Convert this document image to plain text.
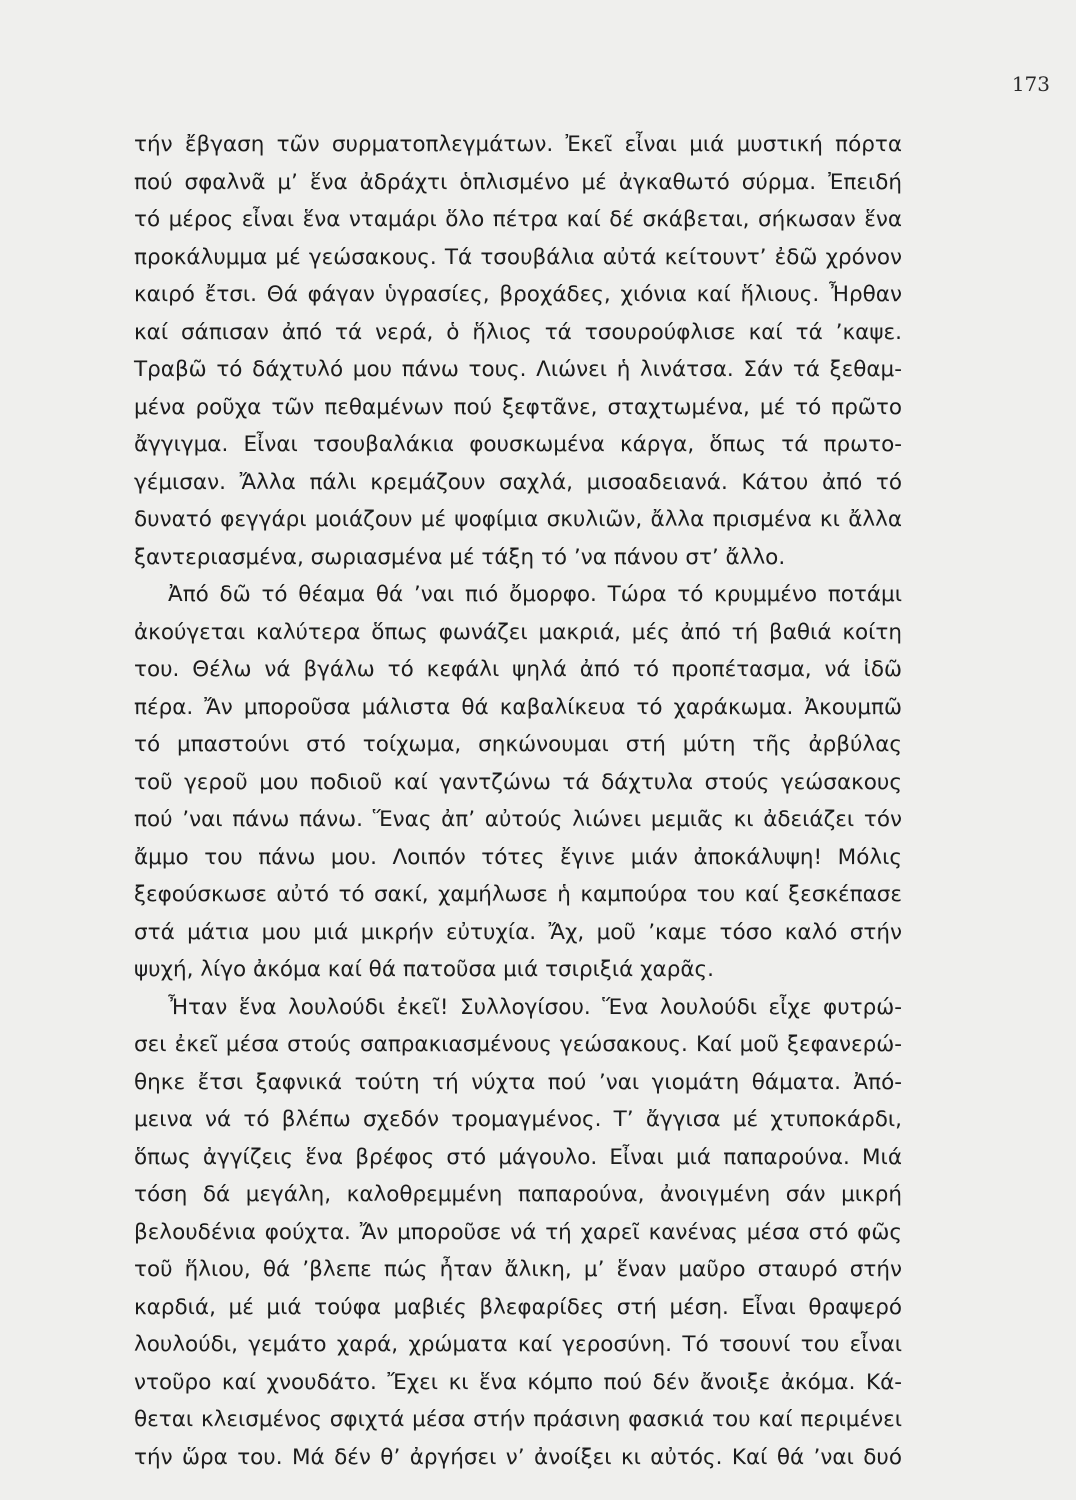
173
τήν ἔβγαση τῶν συρματοπλεγμάτων. Ἐκεῖ εἶναι μιά μυστική πόρτα
πού σφαλνᾶ μ’ ἕνα ἀδράχτι ὁπλισμένο μέ ἀγκαθωτό σύρμα. Ἐπειδή
τό μέρος εἶναι ἕνα νταμάρι ὅλο πέτρα καί δέ σκάβεται, σήκωσαν ἕνα
προκάλυμμα μέ γεώσακους. Τά τσουβάλια αὐτά κείτουντ’ ἐδῶ χρόνον
καιρό ἔτσι. Θά φάγαν ὑγρασίες, βροχάδες, χιόνια καί ἥλιους. Ἦρθαν
καί σάπισαν ἀπό τά νερά, ὁ ἥλιος τά τσουρούφλισε καί τά ’καψε.
Τραβῶ τό δάχτυλό μου πάνω τους. Λιώνει ἡ λινάτσα. Σάν τά ξεθαμ-
μένα ροῦχα τῶν πεθαμένων πού ξεφτᾶνε, σταχτωμένα, μέ τό πρῶτο
ἄγγιγμα. Εἶναι τσουβαλάκια φουσκωμένα κάργα, ὅπως τά πρωτο-
γέμισαν. Ἄλλα πάλι κρεμάζουν σαχλά, μισοαδειανά. Κάτου ἀπό τό
δυνατό φεγγάρι μοιάζουν μέ ψοφίμια σκυλιῶν, ἄλλα πρισμένα κι ἄλλα
ξαντεριασμένα, σωριασμένα μέ τάξη τό ’να πάνου στ’ ἄλλο.
Ἀπό δῶ τό θέαμα θά ’ναι πιό ὄμορφο. Τώρα τό κρυμμένο ποτάμι
ἀκούγεται καλύτερα ὅπως φωνάζει μακριά, μές ἀπό τή βαθιά κοίτη
του. Θέλω νά βγάλω τό κεφάλι ψηλά ἀπό τό προπέτασμα, νά ἰδῶ
πέρα. Ἄν μποροῦσα μάλιστα θά καβαλίκευα τό χαράκωμα. Ἀκουμπῶ
τό μπαστούνι στό τοίχωμα, σηκώνουμαι στή μύτη τῆς ἀρβύλας
τοῦ γεροῦ μου ποδιοῦ καί γαντζώνω τά δάχτυλα στούς γεώσακους
πού ’ναι πάνω πάνω. Ἕνας ἀπ’ αὐτούς λιώνει μεμιᾶς κι ἀδειάζει τόν
ἄμμο του πάνω μου. Λοιπόν τότες ἔγινε μιάν ἀποκάλυψη! Μόλις
ξεφούσκωσε αὐτό τό σακί, χαμήλωσε ἡ καμπούρα του καί ξεσκέπασε
στά μάτια μου μιά μικρήν εὐτυχία. Ἄχ, μοῦ ’καμε τόσο καλό στήν
ψυχή, λίγο ἀκόμα καί θά πατοῦσα μιά τσιριξιά χαρᾶς.
Ἦταν ἕνα λουλούδι ἐκεῖ! Συλλογίσου. Ἕνα λουλούδι εἶχε φυτρώ-
σει ἐκεῖ μέσα στούς σαπρακιασμένους γεώσακους. Καί μοῦ ξεφανερώ-
θηκε ἔτσι ξαφνικά τούτη τή νύχτα πού ’ναι γιομάτη θάματα. Ἀπό-
μεινα νά τό βλέπω σχεδόν τρομαγμένος. Τ’ ἄγγισα μέ χτυποκάρδι,
ὅπως ἀγγίζεις ἕνα βρέφος στό μάγουλο. Εἶναι μιά παπαρούνα. Μιά
τόση δά μεγάλη, καλοθρεμμένη παπαρούνα, ἀνοιγμένη σάν μικρή
βελουδένια φούχτα. Ἄν μποροῦσε νά τή χαρεῖ κανένας μέσα στό φῶς
τοῦ ἥλιου, θά ’βλεπε πώς ἦταν ἄλικη, μ’ ἕναν μαῦρο σταυρό στήν
καρδιά, μέ μιά τούφα μαβιές βλεφαρίδες στή μέση. Εἶναι θραψερό
λουλούδι, γεμάτο χαρά, χρώματα καί γεροσύνη. Τό τσουνί του εἶναι
ντοῦρο καί χνουδάτο. Ἔχει κι ἕνα κόμπο πού δέν ἄνοιξε ἀκόμα. Κά-
θεται κλεισμένος σφιχτά μέσα στήν πράσινη φασκιά του καί περιμένει
τήν ὥρα του. Μά δέν θ’ ἀργήσει ν’ ἀνοίξει κι αὐτός. Καί θά ’ναι δυό
